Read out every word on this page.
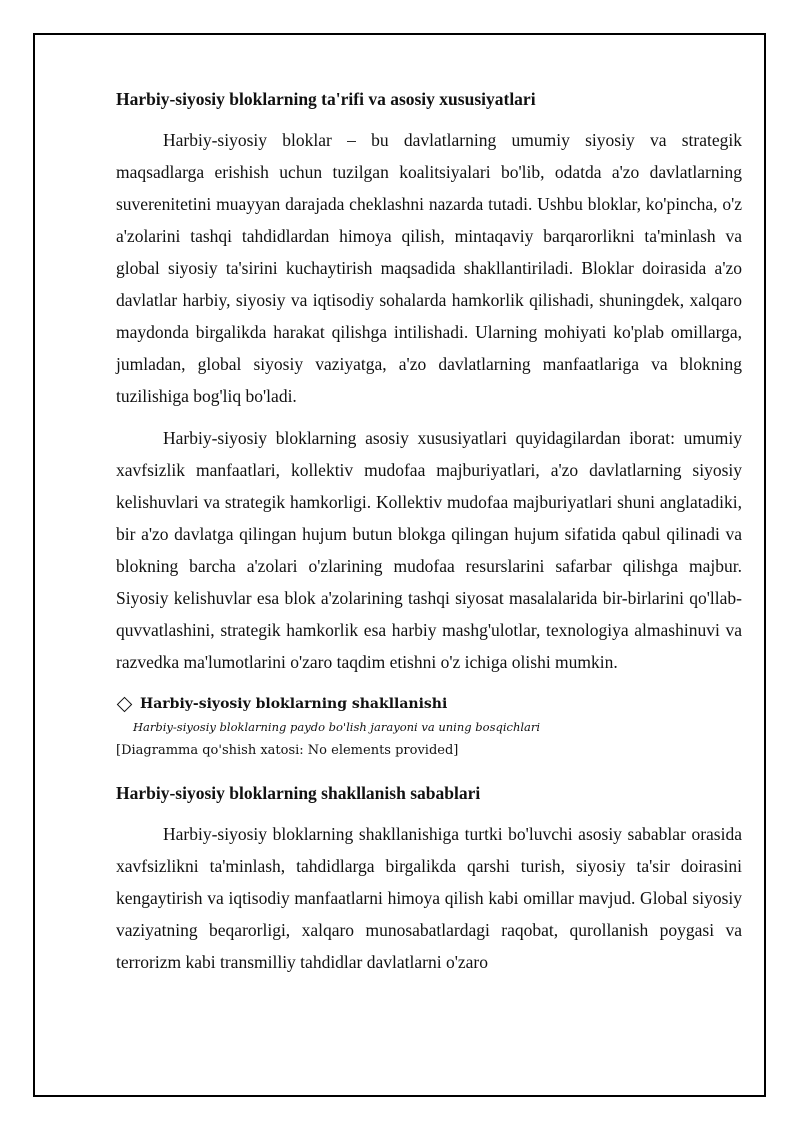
Harbiy-siyosiy bloklarning ta'rifi va asosiy xususiyatlari

Harbiy-siyosiy bloklar – bu davlatlarning umumiy siyosiy va strategik maqsadlarga erishish uchun tuzilgan koalitsiyalari bo'lib, odatda a'zo davlatlarning suverenitetini muayyan darajada cheklashni nazarda tutadi. Ushbu bloklar, ko'pincha, o'z a'zolarini tashqi tahdidlardan himoya qilish, mintaqaviy barqarorlikni ta'minlash va global siyosiy ta'sirini kuchaytirish maqsadida shakllantiriladi. Bloklar doirasida a'zo davlatlar harbiy, siyosiy va iqtisodiy sohalarda hamkorlik qilishadi, shuningdek, xalqaro maydonda birgalikda harakat qilishga intilishadi. Ularning mohiyati ko'plab omillarga, jumladan, global siyosiy vaziyatga, a'zo davlatlarning manfaatlariga va blokning tuzilishiga bog'liq bo'ladi.

Harbiy-siyosiy bloklarning asosiy xususiyatlari quyidagilardan iborat: umumiy xavfsizlik manfaatlari, kollektiv mudofaa majburiyatlari, a'zo davlatlarning siyosiy kelishuvlari va strategik hamkorligi. Kollektiv mudofaa majburiyatlari shuni anglatadiki, bir a'zo davlatga qilingan hujum butun blokga qilingan hujum sifatida qabul qilinadi va blokning barcha a'zolari o'zlarining mudofaa resurslarini safarbar qilishga majbur. Siyosiy kelishuvlar esa blok a'zolarining tashqi siyosat masalalarida bir-birlarini qo'llab-quvvatlashini, strategik hamkorlik esa harbiy mashg'ulotlar, texnologiya almashinuvi va razvedka ma'lumotlarini o'zaro taqdim etishni o'z ichiga olishi mumkin.

Harbiy-siyosiy bloklarning shakllanishi

Harbiy-siyosiy bloklarning paydo bo'lish jarayoni va uning bosqichlari

[Diagramma qo'shish xatosi: No elements provided]

Harbiy-siyosiy bloklarning shakllanish sabablari

Harbiy-siyosiy bloklarning shakllanishiga turtki bo'luvchi asosiy sabablar orasida xavfsizlikni ta'minlash, tahdidlarga birgalikda qarshi turish, siyosiy ta'sir doirasini kengaytirish va iqtisodiy manfaatlarni himoya qilish kabi omillar mavjud. Global siyosiy vaziyatning beqarorligi, xalqaro munosabatlardagi raqobat, qurollanish poygasi va terrorizm kabi transmilliy tahdidlar davlatlarni o'zaro
